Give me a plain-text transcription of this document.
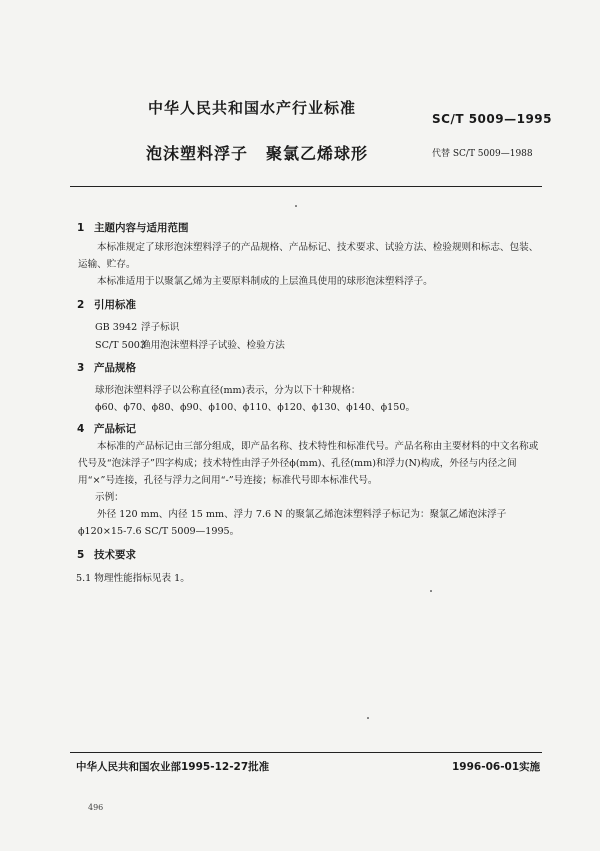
中华人民共和国水产行业标准
SC/T 5009—1995
泡沫塑料浮子 聚氯乙烯球形	代替 SC/T 5009—1988
1 主题内容与适用范围
本标准规定了球形泡沫塑料浮子的产品规格、产品标记、技术要求、试验方法、检验规则和标志、包装、运输、贮存。
本标准适用于以聚氯乙烯为主要原料制成的上层渔具使用的球形泡沫塑料浮子。
2 引用标准
GB 3942 浮子标识
SC/T 5003渔用泡沫塑料浮子试验、检验方法
3 产品规格
球形泡沫塑料浮子以公称直径(mm)表示，分为以下十种规格：
ϕ60、ϕ70、ϕ80、ϕ90、ϕ100、ϕ110、ϕ120、ϕ130、ϕ140、ϕ150。
4 产品标记
本标准的产品标记由三部分组成，即产品名称、技术特性和标准代号。产品名称由主要材料的中文名称或代号及“泡沫浮子”四字构成；技术特性由浮子外径ϕ(mm)、孔径(mm)和浮力(N)构成，外径与内径之间用“×”号连接，孔径与浮力之间用“-”号连接；标准代号即本标准代号。
示例：
外径 120 mm、内径 15 mm、浮力 7.6 N 的聚氯乙烯泡沫塑料浮子标记为：聚氯乙烯泡沫浮子 ϕ120×15-7.6 SC/T 5009—1995。
5 技术要求
5.1 物理性能指标见表 1。
中华人民共和国农业部1995-12-27批准	1996-06-01实施
496
